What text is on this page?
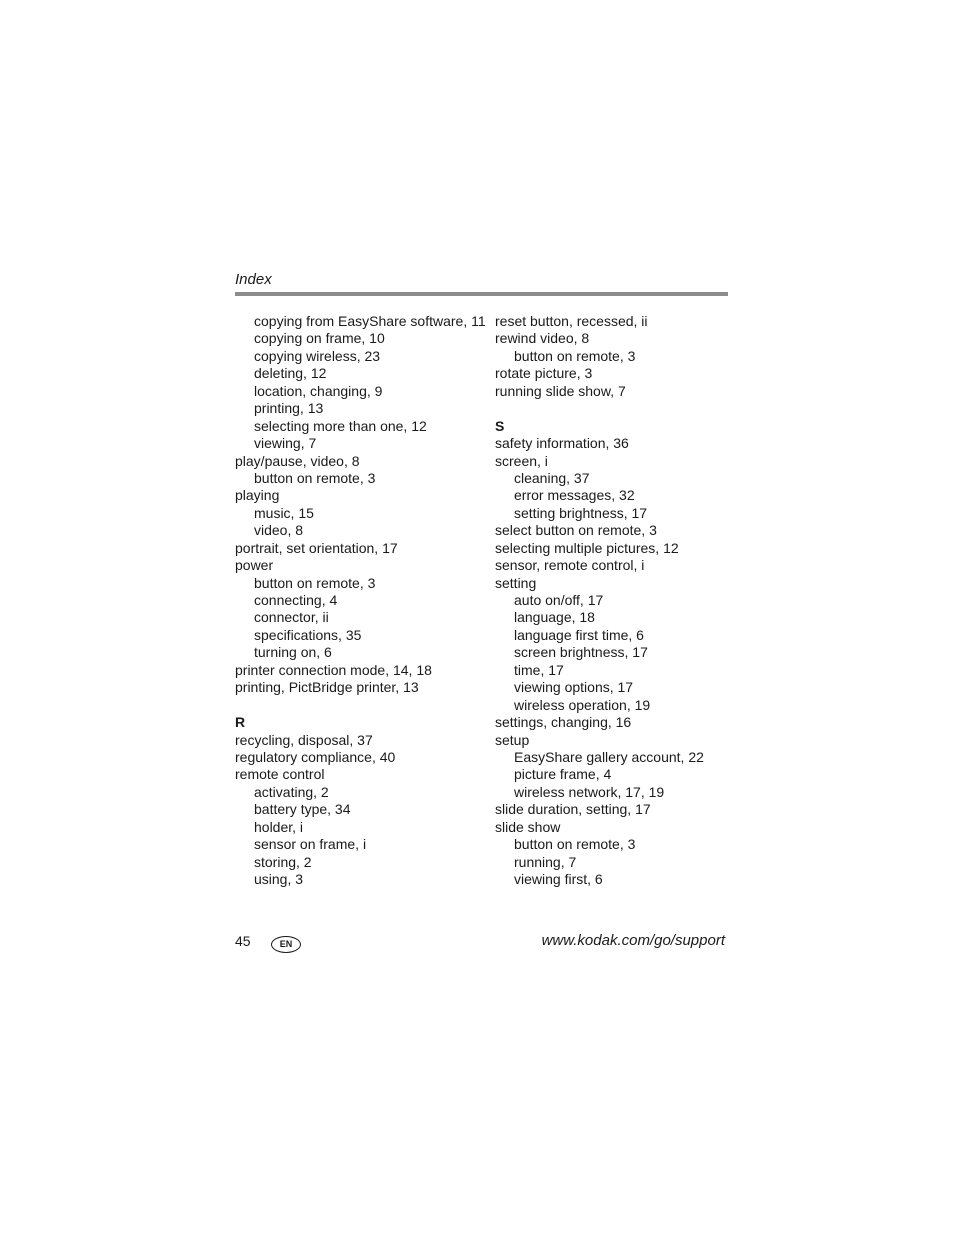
Index
copying from EasyShare software, 11
copying on frame, 10
copying wireless, 23
deleting, 12
location, changing, 9
printing, 13
selecting more than one, 12
viewing, 7
play/pause, video, 8
button on remote, 3
playing
music, 15
video, 8
portrait, set orientation, 17
power
button on remote, 3
connecting, 4
connector, ii
specifications, 35
turning on, 6
printer connection mode, 14, 18
printing, PictBridge printer, 13
R
recycling, disposal, 37
regulatory compliance, 40
remote control
activating, 2
battery type, 34
holder, i
sensor on frame, i
storing, 2
using, 3
reset button, recessed, ii
rewind video, 8
button on remote, 3
rotate picture, 3
running slide show, 7
S
safety information, 36
screen, i
cleaning, 37
error messages, 32
setting brightness, 17
select button on remote, 3
selecting multiple pictures, 12
sensor, remote control, i
setting
auto on/off, 17
language, 18
language first time, 6
screen brightness, 17
time, 17
viewing options, 17
wireless operation, 19
settings, changing, 16
setup
EasyShare gallery account, 22
picture frame, 4
wireless network, 17, 19
slide duration, setting, 17
slide show
button on remote, 3
running, 7
viewing first, 6
45	EN	www.kodak.com/go/support
